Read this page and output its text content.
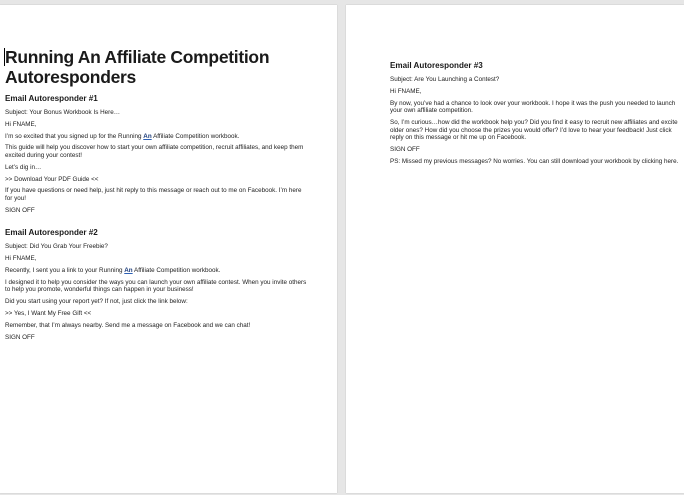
Running An Affiliate Competition
Autoresponders
Email Autoresponder #1
Subject: Your Bonus Workbook Is Here…
Hi FNAME,
I’m so excited that you signed up for the Running An Affiliate Competition workbook.
This guide will help you discover how to start your own affiliate competition, recruit affiliates, and keep them excited during your contest!
Let’s dig in…
>> Download Your PDF Guide <<
If you have questions or need help, just hit reply to this message or reach out to me on Facebook. I’m here for you!
SIGN OFF
Email Autoresponder #2
Subject: Did You Grab Your Freebie?
Hi FNAME,
Recently, I sent you a link to your Running An Affiliate Competition workbook.
I designed it to help you consider the ways you can launch your own affiliate contest. When you invite others to help you promote, wonderful things can happen in your business!
Did you start using your report yet? If not, just click the link below:
>> Yes, I Want My Free Gift <<
Remember, that I’m always nearby. Send me a message on Facebook and we can chat!
SIGN OFF
Email Autoresponder #3
Subject: Are You Launching a Contest?
Hi FNAME,
By now, you’ve had a chance to look over your workbook. I hope it was the push you needed to launch your own affiliate competition.
So, I’m curious…how did the workbook help you? Did you find it easy to recruit new affiliates and excite older ones? How did you choose the prizes you would offer? I’d love to hear your feedback! Just click reply on this message or hit me up on Facebook.
SIGN OFF
PS: Missed my previous messages? No worries. You can still download your workbook by clicking here.
